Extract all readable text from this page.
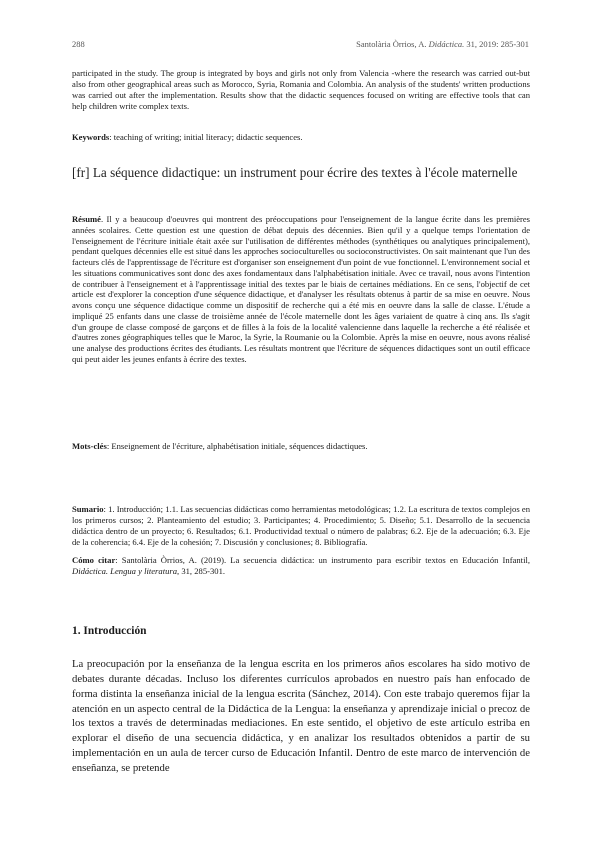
288	Santolària Òrrios, A. Didáctica. 31, 2019: 285-301

participated in the study. The group is integrated by boys and girls not only from Valencia -where the research was carried out-but also from other geographical areas such as Morocco, Syria, Romania and Colombia. An analysis of the students' written productions was carried out after the implementation. Results show that the didactic sequences focused on writing are effective tools that can help children write complex texts.

Keywords: teaching of writing; initial literacy; didactic sequences.

[fr] La séquence didactique: un instrument pour écrire des textes à l'école maternelle

Résumé. Il y a beaucoup d'oeuvres qui montrent des préoccupations pour l'enseignement de la langue écrite dans les premières années scolaires. Cette question est une question de débat depuis des décennies. Bien qu'il y a quelque temps l'orientation de l'enseignement de l'écriture initiale était axée sur l'utilisation de différentes méthodes (synthétiques ou analytiques principalement), pendant quelques décennies elle est situé dans les approches socioculturelles ou socioconstructivistes. On sait maintenant que l'un des facteurs clés de l'apprentissage de l'écriture est d'organiser son enseignement d'un point de vue fonctionnel. L'environnement social et les situations communicatives sont donc des axes fondamentaux dans l'alphabétisation initiale. Avec ce travail, nous avons l'intention de contribuer à l'enseignement et à l'apprentissage initial des textes par le biais de certaines médiations. En ce sens, l'objectif de cet article est d'explorer la conception d'une séquence didactique, et d'analyser les résultats obtenus à partir de sa mise en oeuvre. Nous avons conçu une séquence didactique comme un dispositif de recherche qui a été mis en oeuvre dans la salle de classe. L'étude a impliqué 25 enfants dans une classe de troisième année de l'école maternelle dont les âges variaient de quatre à cinq ans. Ils s'agit d'un groupe de classe composé de garçons et de filles à la fois de la localité valencienne dans laquelle la recherche a été réalisée et d'autres zones géographiques telles que le Maroc, la Syrie, la Roumanie ou la Colombie. Après la mise en oeuvre, nous avons réalisé une analyse des productions écrites des étudiants. Les résultats montrent que l'écriture de séquences didactiques sont un outil efficace qui peut aider les jeunes enfants à écrire des textes.

Mots-clés: Enseignement de l'écriture, alphabétisation initiale, séquences didactiques.

Sumario: 1. Introducción; 1.1. Las secuencias didácticas como herramientas metodológicas; 1.2. La escritura de textos complejos en los primeros cursos; 2. Planteamiento del estudio; 3. Participantes; 4. Procedimiento; 5. Diseño; 5.1. Desarrollo de la secuencia didáctica dentro de un proyecto; 6. Resultados; 6.1. Productividad textual o número de palabras; 6.2. Eje de la adecuación; 6.3. Eje de la coherencia; 6.4. Eje de la cohesión; 7. Discusión y conclusiones; 8. Bibliografía.

Cómo citar: Santolària Òrrios, A. (2019). La secuencia didáctica: un instrumento para escribir textos en Educación Infantil, Didáctica. Lengua y literatura, 31, 285-301.

1. Introducción

La preocupación por la enseñanza de la lengua escrita en los primeros años escolares ha sido motivo de debates durante décadas. Incluso los diferentes currículos aprobados en nuestro país han enfocado de forma distinta la enseñanza inicial de la lengua escrita (Sánchez, 2014). Con este trabajo queremos fijar la atención en un aspecto central de la Didáctica de la Lengua: la enseñanza y aprendizaje inicial o precoz de los textos a través de determinadas mediaciones. En este sentido, el objetivo de este artículo estriba en explorar el diseño de una secuencia didáctica, y en analizar los resultados obtenidos a partir de su implementación en un aula de tercer curso de Educación Infantil. Dentro de este marco de intervención de enseñanza, se pretende
